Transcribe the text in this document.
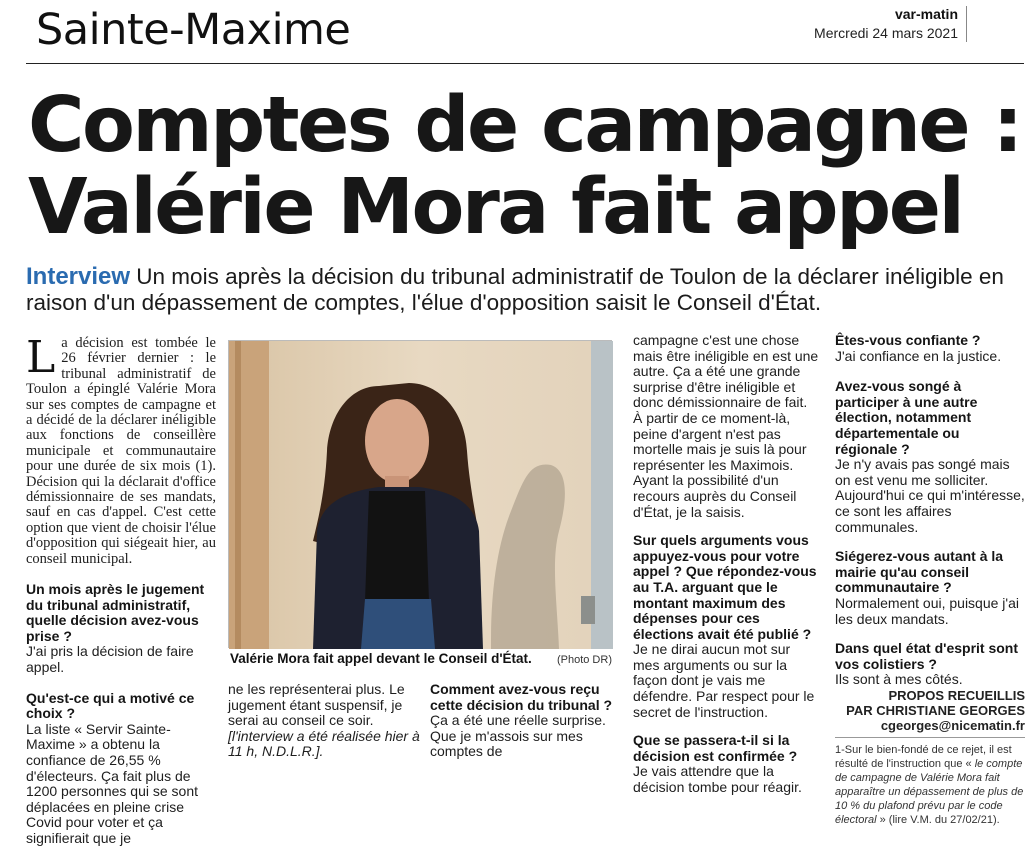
Sainte-Maxime	var-matin
Mercredi 24 mars 2021
Comptes de campagne :
Valérie Mora fait appel
Interview Un mois après la décision du tribunal administratif de Toulon de la déclarer inéligible en raison d'un dépassement de comptes, l'élue d'opposition saisit le Conseil d'État.
La décision est tombée le 26 février dernier : le tribunal administratif de Toulon a épinglé Valérie Mora sur ses comptes de campagne et a décidé de la déclarer inéligible aux fonctions de conseillère municipale et communautaire pour une durée de six mois (1). Décision qui la déclarait d'office démissionnaire de ses mandats, sauf en cas d'appel. C'est cette option que vient de choisir l'élue d'opposition qui siégeait hier, au conseil municipal.
Un mois après le jugement du tribunal administratif, quelle décision avez-vous prise ?
J'ai pris la décision de faire appel.
Qu'est-ce qui a motivé ce choix ?
La liste « Servir Sainte-Maxime » a obtenu la confiance de 26,55 % d'électeurs. Ça fait plus de 1200 personnes qui se sont déplacées en pleine crise Covid pour voter et ça signifierait que je
Valérie Mora fait appel devant le Conseil d'État. (Photo DR)
ne les représenterai plus. Le jugement étant suspensif, je serai au conseil ce soir. [l'interview a été réalisée hier à 11 h, N.D.L.R.].
Comment avez-vous reçu cette décision du tribunal ?
Ça a été une réelle surprise. Que je m'assois sur mes comptes de
campagne c'est une chose mais être inéligible en est une autre. Ça a été une grande surprise d'être inéligible et donc démissionnaire de fait. À partir de ce moment-là, peine d'argent n'est pas mortelle mais je suis là pour représenter les Maximois. Ayant la possibilité d'un recours auprès du Conseil d'État, je la saisis.
Sur quels arguments vous appuyez-vous pour votre appel ? Que répondez-vous au T.A. arguant que le montant maximum des dépenses pour ces élections avait été publié ?
Je ne dirai aucun mot sur mes arguments ou sur la façon dont je vais me défendre. Par respect pour le secret de l'instruction.
Que se passera-t-il si la décision est confirmée ?
Je vais attendre que la décision tombe pour réagir.
Êtes-vous confiante ?
J'ai confiance en la justice.
Avez-vous songé à participer à une autre élection, notamment départementale ou régionale ?
Je n'y avais pas songé mais on est venu me solliciter. Aujourd'hui ce qui m'intéresse, ce sont les affaires communales.
Siégerez-vous autant à la mairie qu'au conseil communautaire ?
Normalement oui, puisque j'ai les deux mandats.
Dans quel état d'esprit sont vos colistiers ?
Ils sont à mes côtés.
PROPOS RECUEILLIS
PAR CHRISTIANE GEORGES
cgeorges@nicematin.fr
1-Sur le bien-fondé de ce rejet, il est résulté de l'instruction que « le compte de campagne de Valérie Mora fait apparaître un dépassement de plus de 10 % du plafond prévu par le code électoral » (lire V.M. du 27/02/21).
